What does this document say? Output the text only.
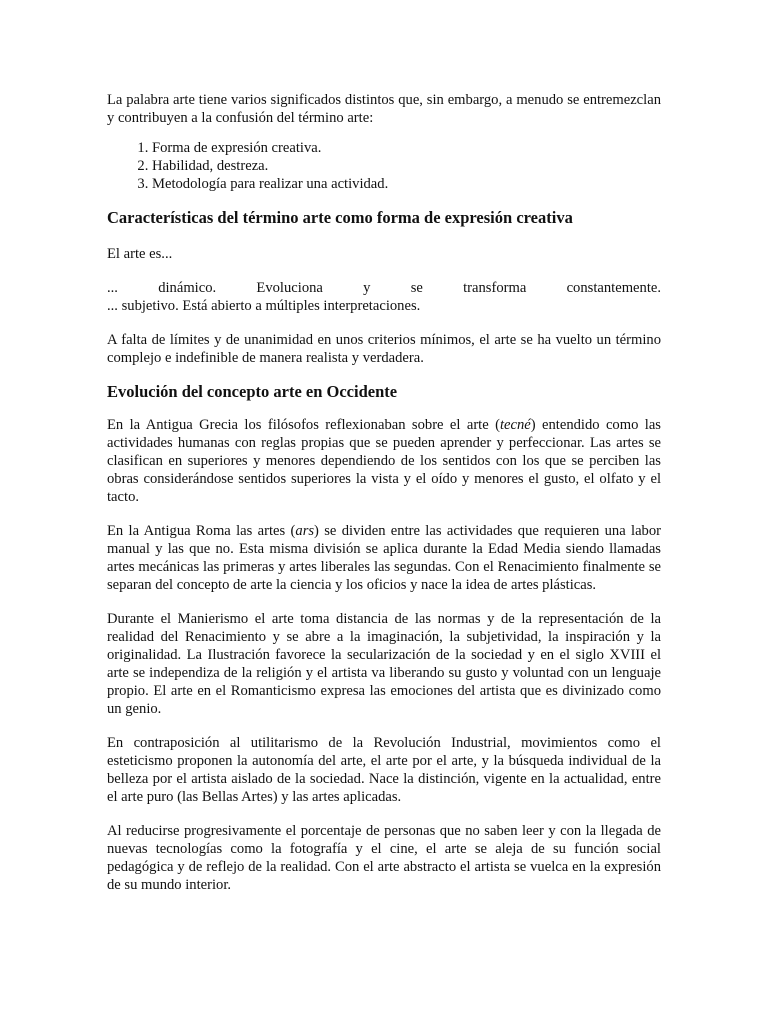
La palabra arte tiene varios significados distintos que, sin embargo, a menudo se entremezclan y contribuyen a la confusión del término arte:

1. Forma de expresión creativa.
2. Habilidad, destreza.
3. Metodología para realizar una actividad.
Características del término arte como forma de expresión creativa

El arte es...

...	dinámico.	Evoluciona	y	se	transforma	constantemente.

... subjetivo. Está abierto a múltiples interpretaciones.

A falta de límites y de unanimidad en unos criterios mínimos, el arte se ha vuelto un término complejo e indefinible de manera realista y verdadera.

Evolución del concepto arte en Occidente

En la Antigua Grecia los filósofos reflexionaban sobre el arte (tecné) entendido como las actividades humanas con reglas propias que se pueden aprender y perfeccionar. Las artes se clasifican en superiores y menores dependiendo de los sentidos con los que se perciben las obras considerándose sentidos superiores la vista y el oído y menores el gusto, el olfato y el tacto.

En la Antigua Roma las artes (ars) se dividen entre las actividades que requieren una labor manual y las que no. Esta misma división se aplica durante la Edad Media siendo llamadas artes mecánicas las primeras y artes liberales las segundas. Con el Renacimiento finalmente se separan del concepto de arte la ciencia y los oficios y nace la idea de artes plásticas.

Durante el Manierismo el arte toma distancia de las normas y de la representación de la realidad del Renacimiento y se abre a la imaginación, la subjetividad, la inspiración y la originalidad. La Ilustración favorece la secularización de la sociedad y en el siglo XVIII el arte se independiza de la religión y el artista va liberando su gusto y voluntad con un lenguaje propio. El arte en el Romanticismo expresa las emociones del artista que es divinizado como un genio.

En contraposición al utilitarismo de la Revolución Industrial, movimientos como el esteticismo proponen la autonomía del arte, el arte por el arte, y la búsqueda individual de la belleza por el artista aislado de la sociedad. Nace la distinción, vigente en la actualidad, entre el arte puro (las Bellas Artes) y las artes aplicadas.

Al reducirse progresivamente el porcentaje de personas que no saben leer y con la llegada de nuevas tecnologías como la fotografía y el cine, el arte se aleja de su función social pedagógica y de reflejo de la realidad. Con el arte abstracto el artista se vuelca en la expresión de su mundo interior.
